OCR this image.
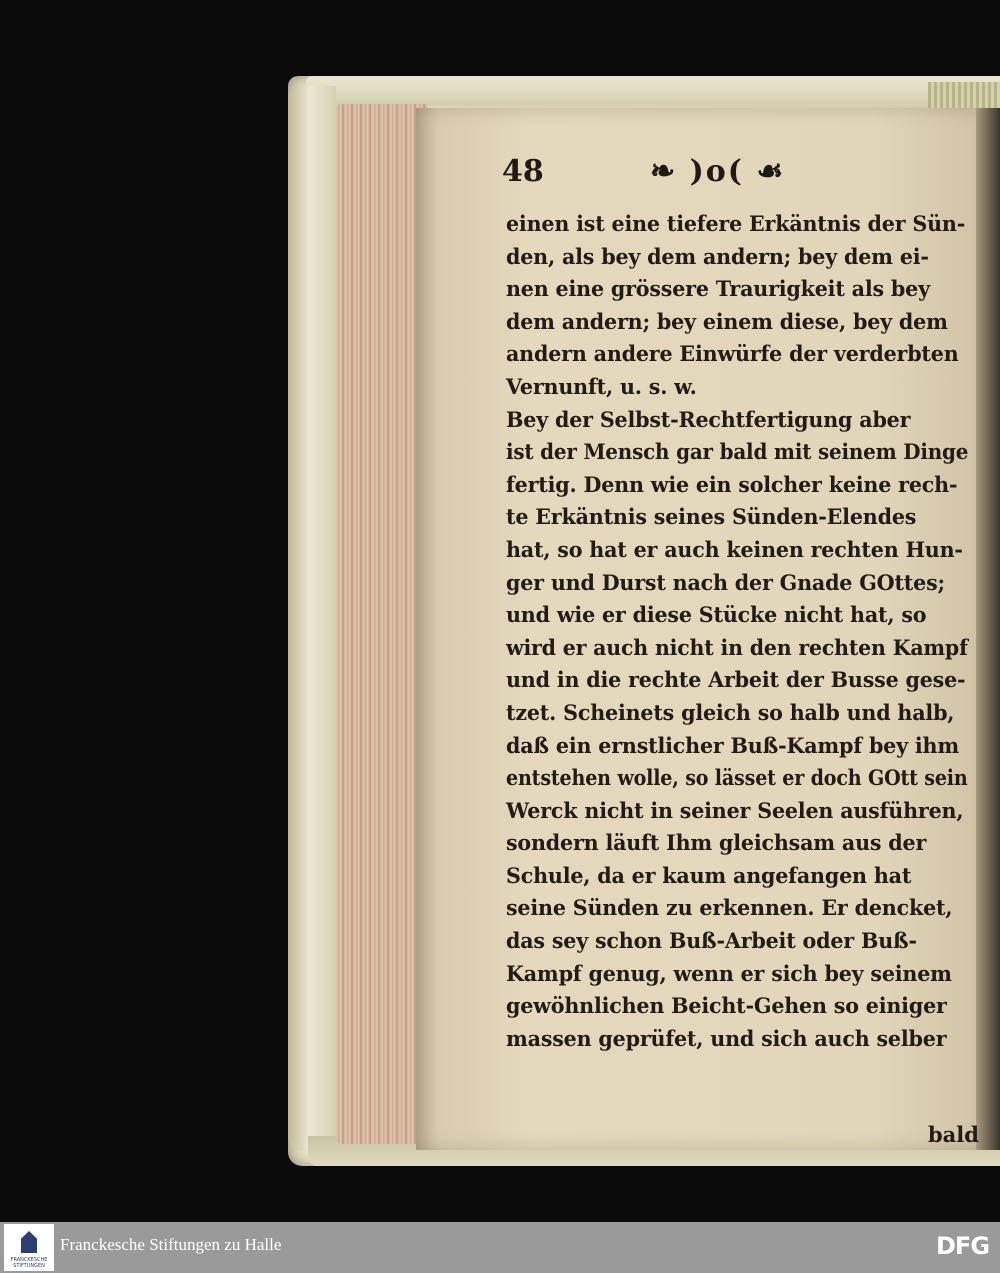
48	❧ )o( ☙
einen ist eine tiefere Erkäntnis der Sün-
den, als bey dem andern; bey dem ei-
nen eine grössere Traurigkeit als bey
dem andern; bey einem diese, bey dem
andern andere Einwürfe der verderbten
Vernunft, u. s. w.
Bey der Selbst-Rechtfertigung aber
ist der Mensch gar bald mit seinem Dinge
fertig. Denn wie ein solcher keine rech-
te Erkäntnis seines Sünden-Elendes
hat, so hat er auch keinen rechten Hun-
ger und Durst nach der Gnade GOttes;
und wie er diese Stücke nicht hat, so
wird er auch nicht in den rechten Kampf
und in die rechte Arbeit der Busse gese-
tzet. Scheinets gleich so halb und halb,
daß ein ernstlicher Buß-Kampf bey ihm
entstehen wolle, so lässet er doch GOtt sein
Werck nicht in seiner Seelen ausführen,
sondern läuft Ihm gleichsam aus der
Schule, da er kaum angefangen hat
seine Sünden zu erkennen. Er dencket,
das sey schon Buß-Arbeit oder Buß-
Kampf genug, wenn er sich bey seinem
gewöhnlichen Beicht-Gehen so einiger
massen geprüfet, und sich auch selber
bald
FRANCKESCHE STIFTUNGEN
Franckesche Stiftungen zu Halle	DFG
